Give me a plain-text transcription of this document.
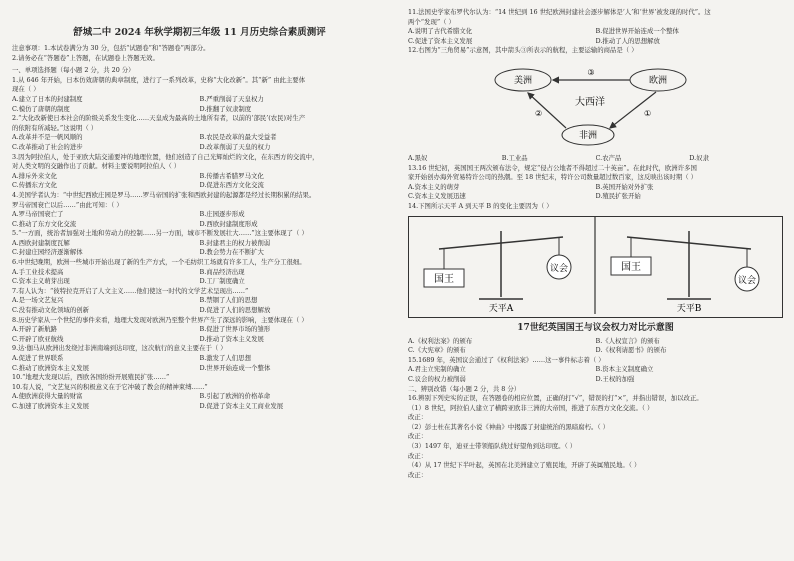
舒城二中 2024 年秋学期初三年级 11 月历史综合素质测评
注意事项：1.本试卷满分为 30 分，包括“试题卷”和“答题卷”两部分。
2.请务必在“答题卷”上答题，在试题卷上答题无效。
一、单项选择题（每小题 2 分，共 20 分）
1.从 646 年开始，日本仿效唐朝的典章制度，进行了一系列改革，史称“大化改新”。其“新” 由此主要体
现在（ ）
A.建立了日本的封建制度	B.严重削弱了天皇权力
C.模仿了唐朝的制度	D.推翻了奴隶制度
2.“大化改新使日本社会的阶级关系发生变化……天皇成为最高的土地所有者，以前的‘部民’(农民)对生产
的依附有所减轻。”这说明（ ）
A.改革并不是一帆风顺的	B.农民是改革的最大受益者
C.改革推动了社会的进步	D.改革削弱了天皇的权力
3.因为阿拉伯人，处于亚欧大陆交通要冲的地理位置，他们创造了自己光辉灿烂的文化，在东西方的交流中，
对人类文明的交融作出了贡献。材料主要说明阿拉伯人（ ）
A.排斥外来文化	B.传播古希腊罗马文化
C.传播东方文化	D.促进东西方文化交流
4.美国学者认为：“中世纪西欧庄园是罗马……罗马帝国的扩张和西欧封建的起源都是经过长期积累的结果。
罗马帝国衰亡以后……”由此可知：（ ）
A.罗马帝国衰亡了	B.庄园逐步形成
C.推动了东方文化交流	D.西欧封建制度形成
5.“一方面，统治者加强对土地和劳动力的控制……另一方面，城市不断发展壮大……”这主要体现了（ ）
A.西欧封建制度瓦解	B.封建君主的权力被削弱
C.封建庄园经济逐渐解体	D.教会势力在不断扩大
6.中世纪晚期，欧洲一些城市开始出现了新的生产方式，一个毛纺织工场就有许多工人，生产分工很细。
A.手工业技术提高	B.商品经济出现
C.资本主义萌芽出现	D.工厂制度确立
7.有人认为：“彼特拉克开启了人文主义……他们使这一时代的文学艺术呈现出……”
A.是一场文艺复兴	B.禁锢了人们的思想
C.没有推动文化领域的创新	D.促进了人们的思想解放
8.历史学家从一个世纪的事件来看，地理大发现对欧洲乃至整个世界产生了深远的影响，主要体现在（ ）
A.开辟了新航路	B.促进了世界市场的雏形
C.开辟了欧亚航线	D.推动了资本主义发展
9.达·伽马从欧洲出发绕过非洲南端到达印度，这次航行的意义主要在于（ ）
A.促进了世界联系	B.激发了人们思想
C.推动了欧洲资本主义发展	D.世界开始连成一个整体
10.“地理大发现以后，西欧各国纷纷开展殖民扩张……”
10.有人说，“文艺复兴的积极意义在于它冲破了教会的精神束缚……”
A.使欧洲获得大量的财富	B.引起了欧洲的价格革命
C.加速了欧洲资本主义发展	D.促进了资本主义工商业发展
11.法国史学家布罗代尔认为：“14 世纪到 16 世纪欧洲封建社会逐步解体是‘人’和‘世界’被发现的时代”。这
两个“发现”（ ）
A.说明了古代希腊文化	B.促进世界开始连成一个整体
C.促进了资本主义发展	D.推动了人的思想解放
12.右图为“三角贸易”示意图，其中箭头③所表示的航程，主要运输的商品是（ ）
美洲	欧洲
非洲
大西洋
③
①
②
A.黑奴	B.工业品	C.农产品	D.奴隶
13.16 世纪初，英国国王两次颁布法令，规定“侵占公地者不得超过二十英亩”。在此时代，欧洲许多国
家开始创办海外贸易特许公司的热潮。至 18 世纪末，特许公司数量超过数百家，这反映出该时期（ ）
A.资本主义的萌芽	B.英国开始对外扩张
C.资本主义发展迅速	D.殖民扩张开始
14.下图所示天平 A 到天平 B 的变化主要因为（ ）
国王
议会
天平A
国王
议会
天平B
17世纪英国国王与议会权力对比示意图
A.《权利法案》的颁布	B.《人权宣言》的颁布
C.《大宪章》的颁布	D.《权利请愿书》的颁布
15.1689 年，英国议会通过了《权利法案》……这一事件标志着（ ）
A.君主立宪制的确立	B.资本主义制度确立
C.议会的权力被削弱	D.王权的加强
二、辨别改错（每小题 2 分，共 8 分）
16.辨别下列史实的正误，在答题卷的相应位置，正确的打“√”，错误的打“×”，并指出错误，加以改正。
（1）8 世纪，阿拉伯人建立了横跨亚欧非三洲的大帝国，推进了东西方文化交流。（ ）
改正：
（2）彭士杜在其著名小说《神曲》中揭露了封建统治的黑暗腐朽。（ ）
改正：
（3）1497 年，迪亚士带领船队绕过好望角到达印度。（ ）
改正：
（4）从 17 世纪下半叶起，英国在北美洲建立了殖民地，开辟了英属殖民地。（ ）
改正：
